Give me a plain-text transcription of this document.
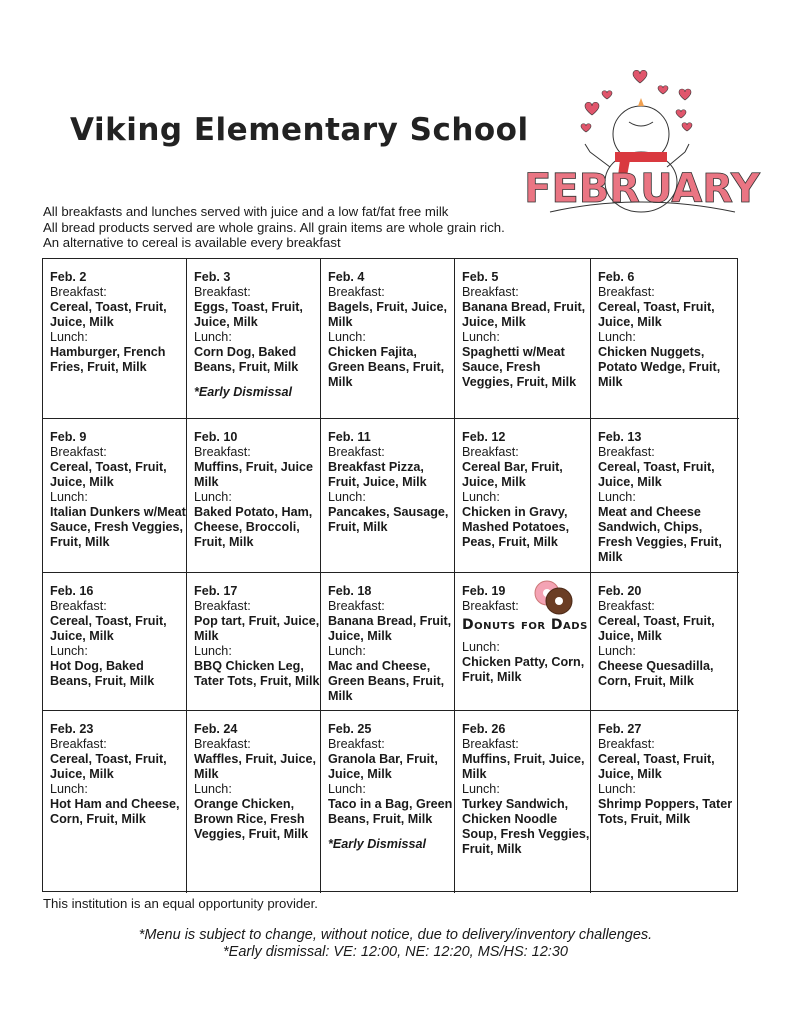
Viking Elementary School
FEBRUARY
All breakfasts and lunches served with juice and a low fat/fat free milk
All bread products served are whole grains. All grain items are whole grain rich.
An alternative to cereal is available every breakfast
Feb. 2
Breakfast:
Cereal, Toast, Fruit, Juice, Milk
Lunch:
Hamburger, French Fries, Fruit, Milk
Feb. 3
Breakfast:
Eggs, Toast, Fruit, Juice, Milk
Lunch:
Corn Dog, Baked Beans, Fruit, Milk
*Early Dismissal
Feb. 4
Breakfast:
Bagels, Fruit, Juice, Milk
Lunch:
Chicken Fajita, Green Beans, Fruit, Milk
Feb. 5
Breakfast:
Banana Bread, Fruit, Juice, Milk
Lunch:
Spaghetti w/Meat Sauce, Fresh Veggies, Fruit, Milk
Feb. 6
Breakfast:
Cereal, Toast, Fruit, Juice, Milk
Lunch:
Chicken Nuggets, Potato Wedge, Fruit, Milk
Feb. 9
Breakfast:
Cereal, Toast, Fruit, Juice, Milk
Lunch:
Italian Dunkers w/Meat Sauce, Fresh Veggies, Fruit, Milk
Feb. 10
Breakfast:
Muffins, Fruit, Juice Milk
Lunch:
Baked Potato, Ham, Cheese, Broccoli, Fruit, Milk
Feb. 11
Breakfast:
Breakfast Pizza, Fruit, Juice, Milk
Lunch:
Pancakes, Sausage, Fruit, Milk
Feb. 12
Breakfast:
Cereal Bar, Fruit, Juice, Milk
Lunch:
Chicken in Gravy, Mashed Potatoes, Peas, Fruit, Milk
Feb. 13
Breakfast:
Cereal, Toast, Fruit, Juice, Milk
Lunch:
Meat and Cheese Sandwich, Chips, Fresh Veggies, Fruit, Milk
Feb. 16
Breakfast:
Cereal, Toast, Fruit, Juice, Milk
Lunch:
Hot Dog, Baked Beans, Fruit, Milk
Feb. 17
Breakfast:
Pop tart, Fruit, Juice, Milk
Lunch:
BBQ Chicken Leg, Tater Tots, Fruit, Milk
Feb. 18
Breakfast:
Banana Bread, Fruit, Juice, Milk
Lunch:
Mac and Cheese, Green Beans, Fruit, Milk
Feb. 19
Breakfast:
Donuts for Dads
Lunch:
Chicken Patty, Corn, Fruit, Milk
Feb. 20
Breakfast:
Cereal, Toast, Fruit, Juice, Milk
Lunch:
Cheese Quesadilla, Corn, Fruit, Milk
Feb. 23
Breakfast:
Cereal, Toast, Fruit, Juice, Milk
Lunch:
Hot Ham and Cheese, Corn, Fruit, Milk
Feb. 24
Breakfast:
Waffles, Fruit, Juice, Milk
Lunch:
Orange Chicken, Brown Rice, Fresh Veggies, Fruit, Milk
Feb. 25
Breakfast:
Granola Bar, Fruit, Juice, Milk
Lunch:
Taco in a Bag, Green Beans, Fruit, Milk
*Early Dismissal
Feb. 26
Breakfast:
Muffins, Fruit, Juice, Milk
Lunch:
Turkey Sandwich, Chicken Noodle Soup, Fresh Veggies, Fruit, Milk
Feb. 27
Breakfast:
Cereal, Toast, Fruit, Juice, Milk
Lunch:
Shrimp Poppers, Tater Tots, Fruit, Milk
This institution is an equal opportunity provider.
*Menu is subject to change, without notice, due to delivery/inventory challenges.
*Early dismissal: VE: 12:00, NE: 12:20, MS/HS: 12:30
